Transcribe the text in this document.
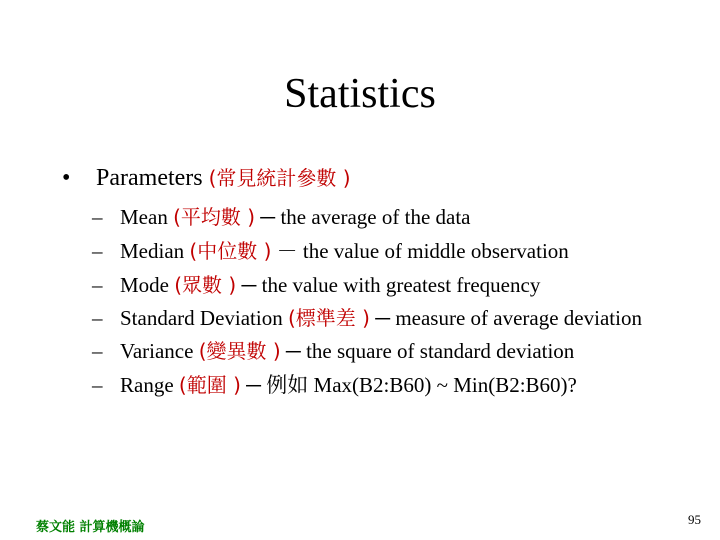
Statistics
• Parameters (常見統計參數 )
– Mean (平均數 ) ─ the average of the data
– Median (中位數 ) － the value of middle observation
– Mode (眾數 ) ─ the value with greatest frequency
– Standard Deviation (標準差 ) ─ measure of average deviation
– Variance (變異數 ) ─ the square of standard deviation
– Range (範圍 ) ─ 例如 Max(B2:B60) ~ Min(B2:B60)?
蔡文能 計算機概論
95
